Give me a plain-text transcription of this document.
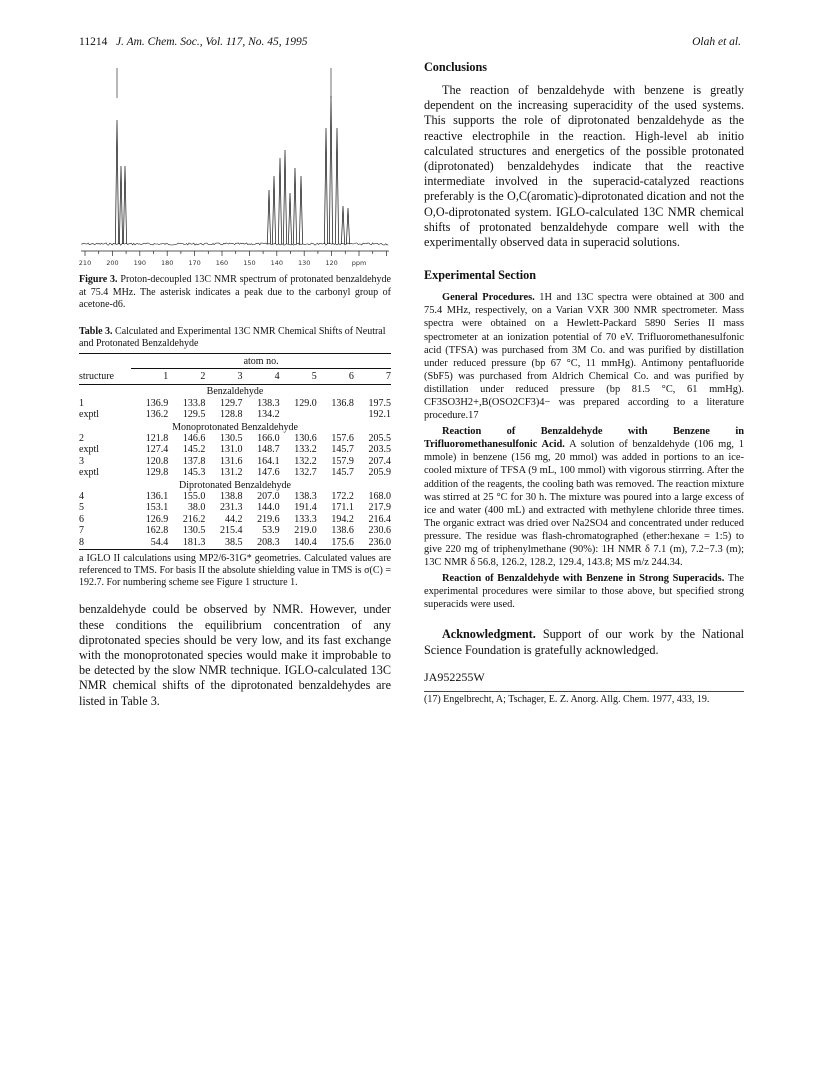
11214 J. Am. Chem. Soc., Vol. 117, No. 45, 1995	Olah et al.
210 200 190 180 170 160 150 140 130 120 ppm

Figure 3. Proton-decoupled 13C NMR spectrum of protonated benzaldehyde at 75.4 MHz. The asterisk indicates a peak due to the carbonyl group of acetone-d6.

Table 3. Calculated and Experimental 13C NMR Chemical Shifts of Neutral and Protonated Benzaldehyde

	atom no.						
structure	1	2	3	4	5	6	7
Benzaldehyde							
1	136.9	133.8	129.7	138.3	129.0	136.8	197.5
exptl	136.2	129.5	128.8	134.2			192.1
Monoprotonated Benzaldehyde							
2	121.8	146.6	130.5	166.0	130.6	157.6	205.5
exptl	127.4	145.2	131.0	148.7	133.2	145.7	203.5
3	120.8	137.8	131.6	164.1	132.2	157.9	207.4
exptl	129.8	145.3	131.2	147.6	132.7	145.7	205.9
Diprotonated Benzaldehyde							
4	136.1	155.0	138.8	207.0	138.3	172.2	168.0
5	153.1	38.0	231.3	144.0	191.4	171.1	217.9
6	126.9	216.2	44.2	219.6	133.3	194.2	216.4
7	162.8	130.5	215.4	53.9	219.0	138.6	230.6
8	54.4	181.3	38.5	208.3	140.4	175.6	236.0

a IGLO II calculations using MP2/6-31G* geometries. Calculated values are referenced to TMS. For basis II the absolute shielding value in TMS is σ(C) = 192.7. For numbering scheme see Figure 1 structure 1.

benzaldehyde could be observed by NMR. However, under these conditions the equilibrium concentration of any diprotonated species should be very low, and its fast exchange with the monoprotonated species would make it improbable to be detected by the slow NMR technique. IGLO-calculated 13C NMR chemical shifts of the diprotonated benzaldehydes are listed in Table 3.

Conclusions

The reaction of benzaldehyde with benzene is greatly dependent on the increasing superacidity of the used systems. This supports the role of diprotonated benzaldehyde as the reactive electrophile in the reaction. High-level ab initio calculated structures and energetics of the possible protonated (diprotonated) benzaldehydes indicate that the reactive intermediate involved in the superacid-catalyzed reactions preferably is the O,C(aromatic)-diprotonated dication and not the O,O-diprotonated system. IGLO-calculated 13C NMR chemical shifts of protonated benzaldehyde compare well with the experimentally observed data in superacid solutions.

Experimental Section

General Procedures. 1H and 13C spectra were obtained at 300 and 75.4 MHz, respectively, on a Varian VXR 300 NMR spectrometer. Mass spectra were obtained on a Hewlett-Packard 5890 Series II mass spectrometer at an ionization potential of 70 eV. Trifluoromethanesulfonic acid (TFSA) was purchased from 3M Co. and was purified by distillation under reduced pressure (bp 67 °C, 11 mmHg). Antimony pentafluoride (SbF5) was purchased from Aldrich Chemical Co. and was purified by distillation under reduced pressure (bp 81.5 °C, 61 mmHg). CF3SO3H2+,B(OSO2CF3)4− was prepared according to a literature procedure.17

Reaction of Benzaldehyde with Benzene in Trifluoromethanesulfonic Acid. A solution of benzaldehyde (106 mg, 1 mmole) in benzene (156 mg, 20 mmol) was added in portions to an ice-cooled mixture of TFSA (9 mL, 100 mmol) with vigorous stirrring. After the addition of the reagents, the cooling bath was removed. The reaction mixture was stirred at 25 °C for 30 h. The mixture was poured into a large excess of ice and water (400 mL) and extracted with methylene chloride three times. The organic extract was dried over Na2SO4 and concentrated under reduced pressure. The residue was flash-chromatographed (ether:hexane = 1:5) to give 220 mg of triphenylmethane (90%): 1H NMR δ 7.1 (m), 7.2−7.3 (m); 13C NMR δ 56.8, 126.2, 128.2, 129.4, 143.8; MS m/z 244.34.

Reaction of Benzaldehyde with Benzene in Strong Superacids. The experimental procedures were similar to those above, but specified strong superacids were used.

Acknowledgment. Support of our work by the National Science Foundation is gratefully acknowledged.

JA952255W
(17) Engelbrecht, A; Tschager, E. Z. Anorg. Allg. Chem. 1977, 433, 19.
